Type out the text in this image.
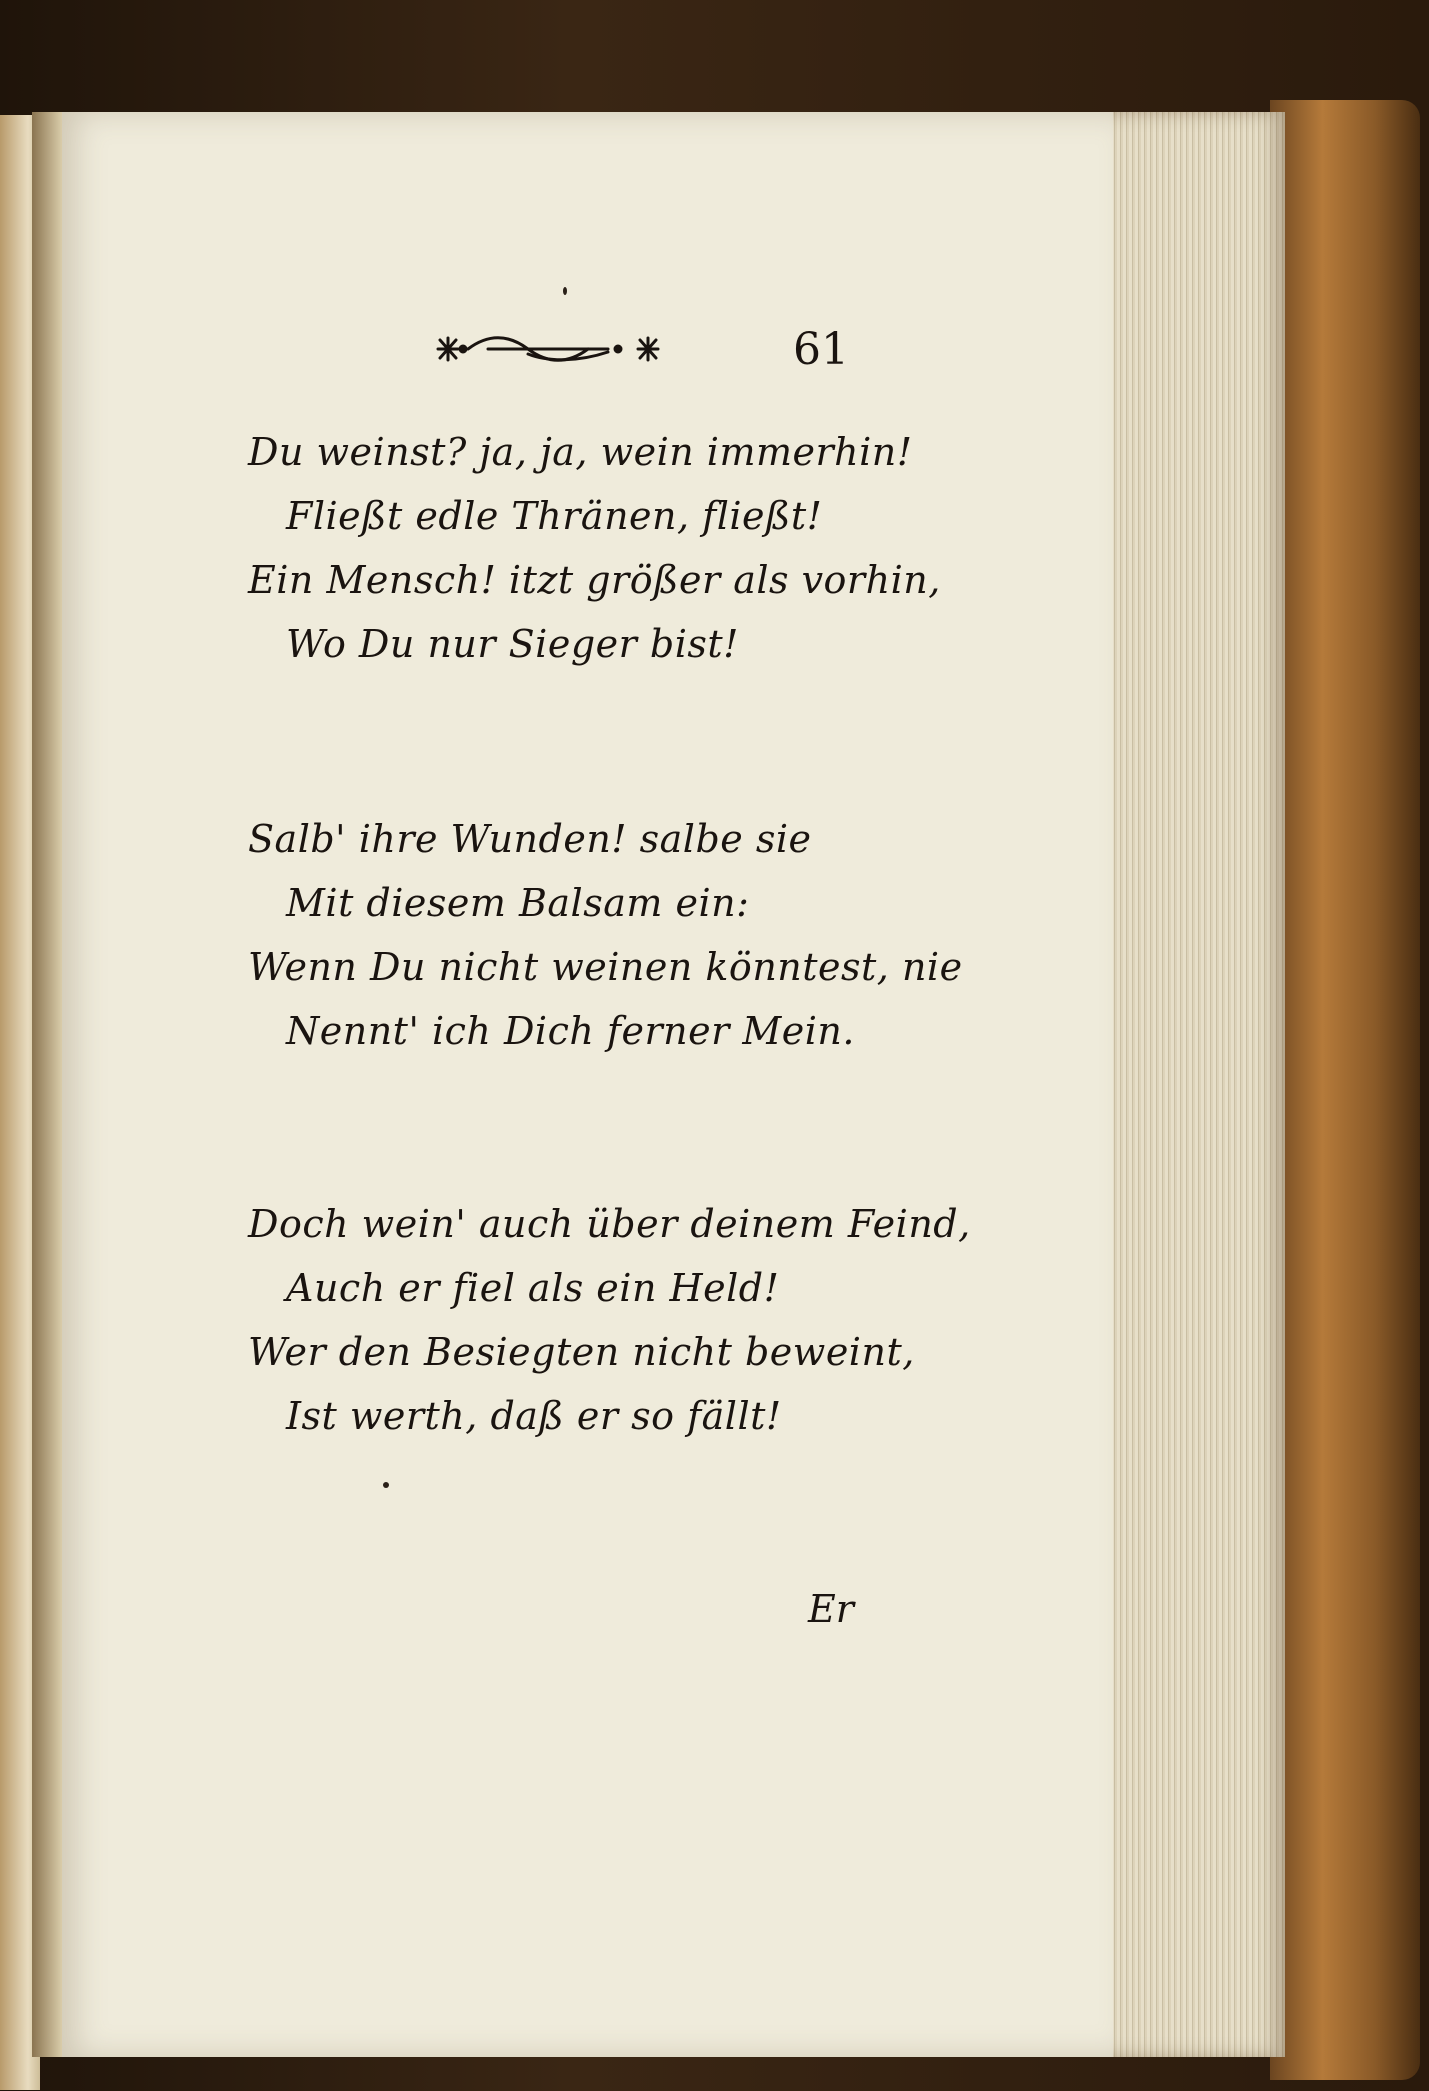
61
Du weinst? ja, ja, wein immerhin!
Fließt edle Thränen, fließt!
Ein Mensch! itzt größer als vorhin,
Wo Du nur Sieger bist!
Salb' ihre Wunden! salbe sie
Mit diesem Balsam ein:
Wenn Du nicht weinen könntest, nie
Nennt' ich Dich ferner Mein.
Doch wein' auch über deinem Feind,
Auch er fiel als ein Held!
Wer den Besiegten nicht beweint,
Ist werth, daß er so fällt!
Er
